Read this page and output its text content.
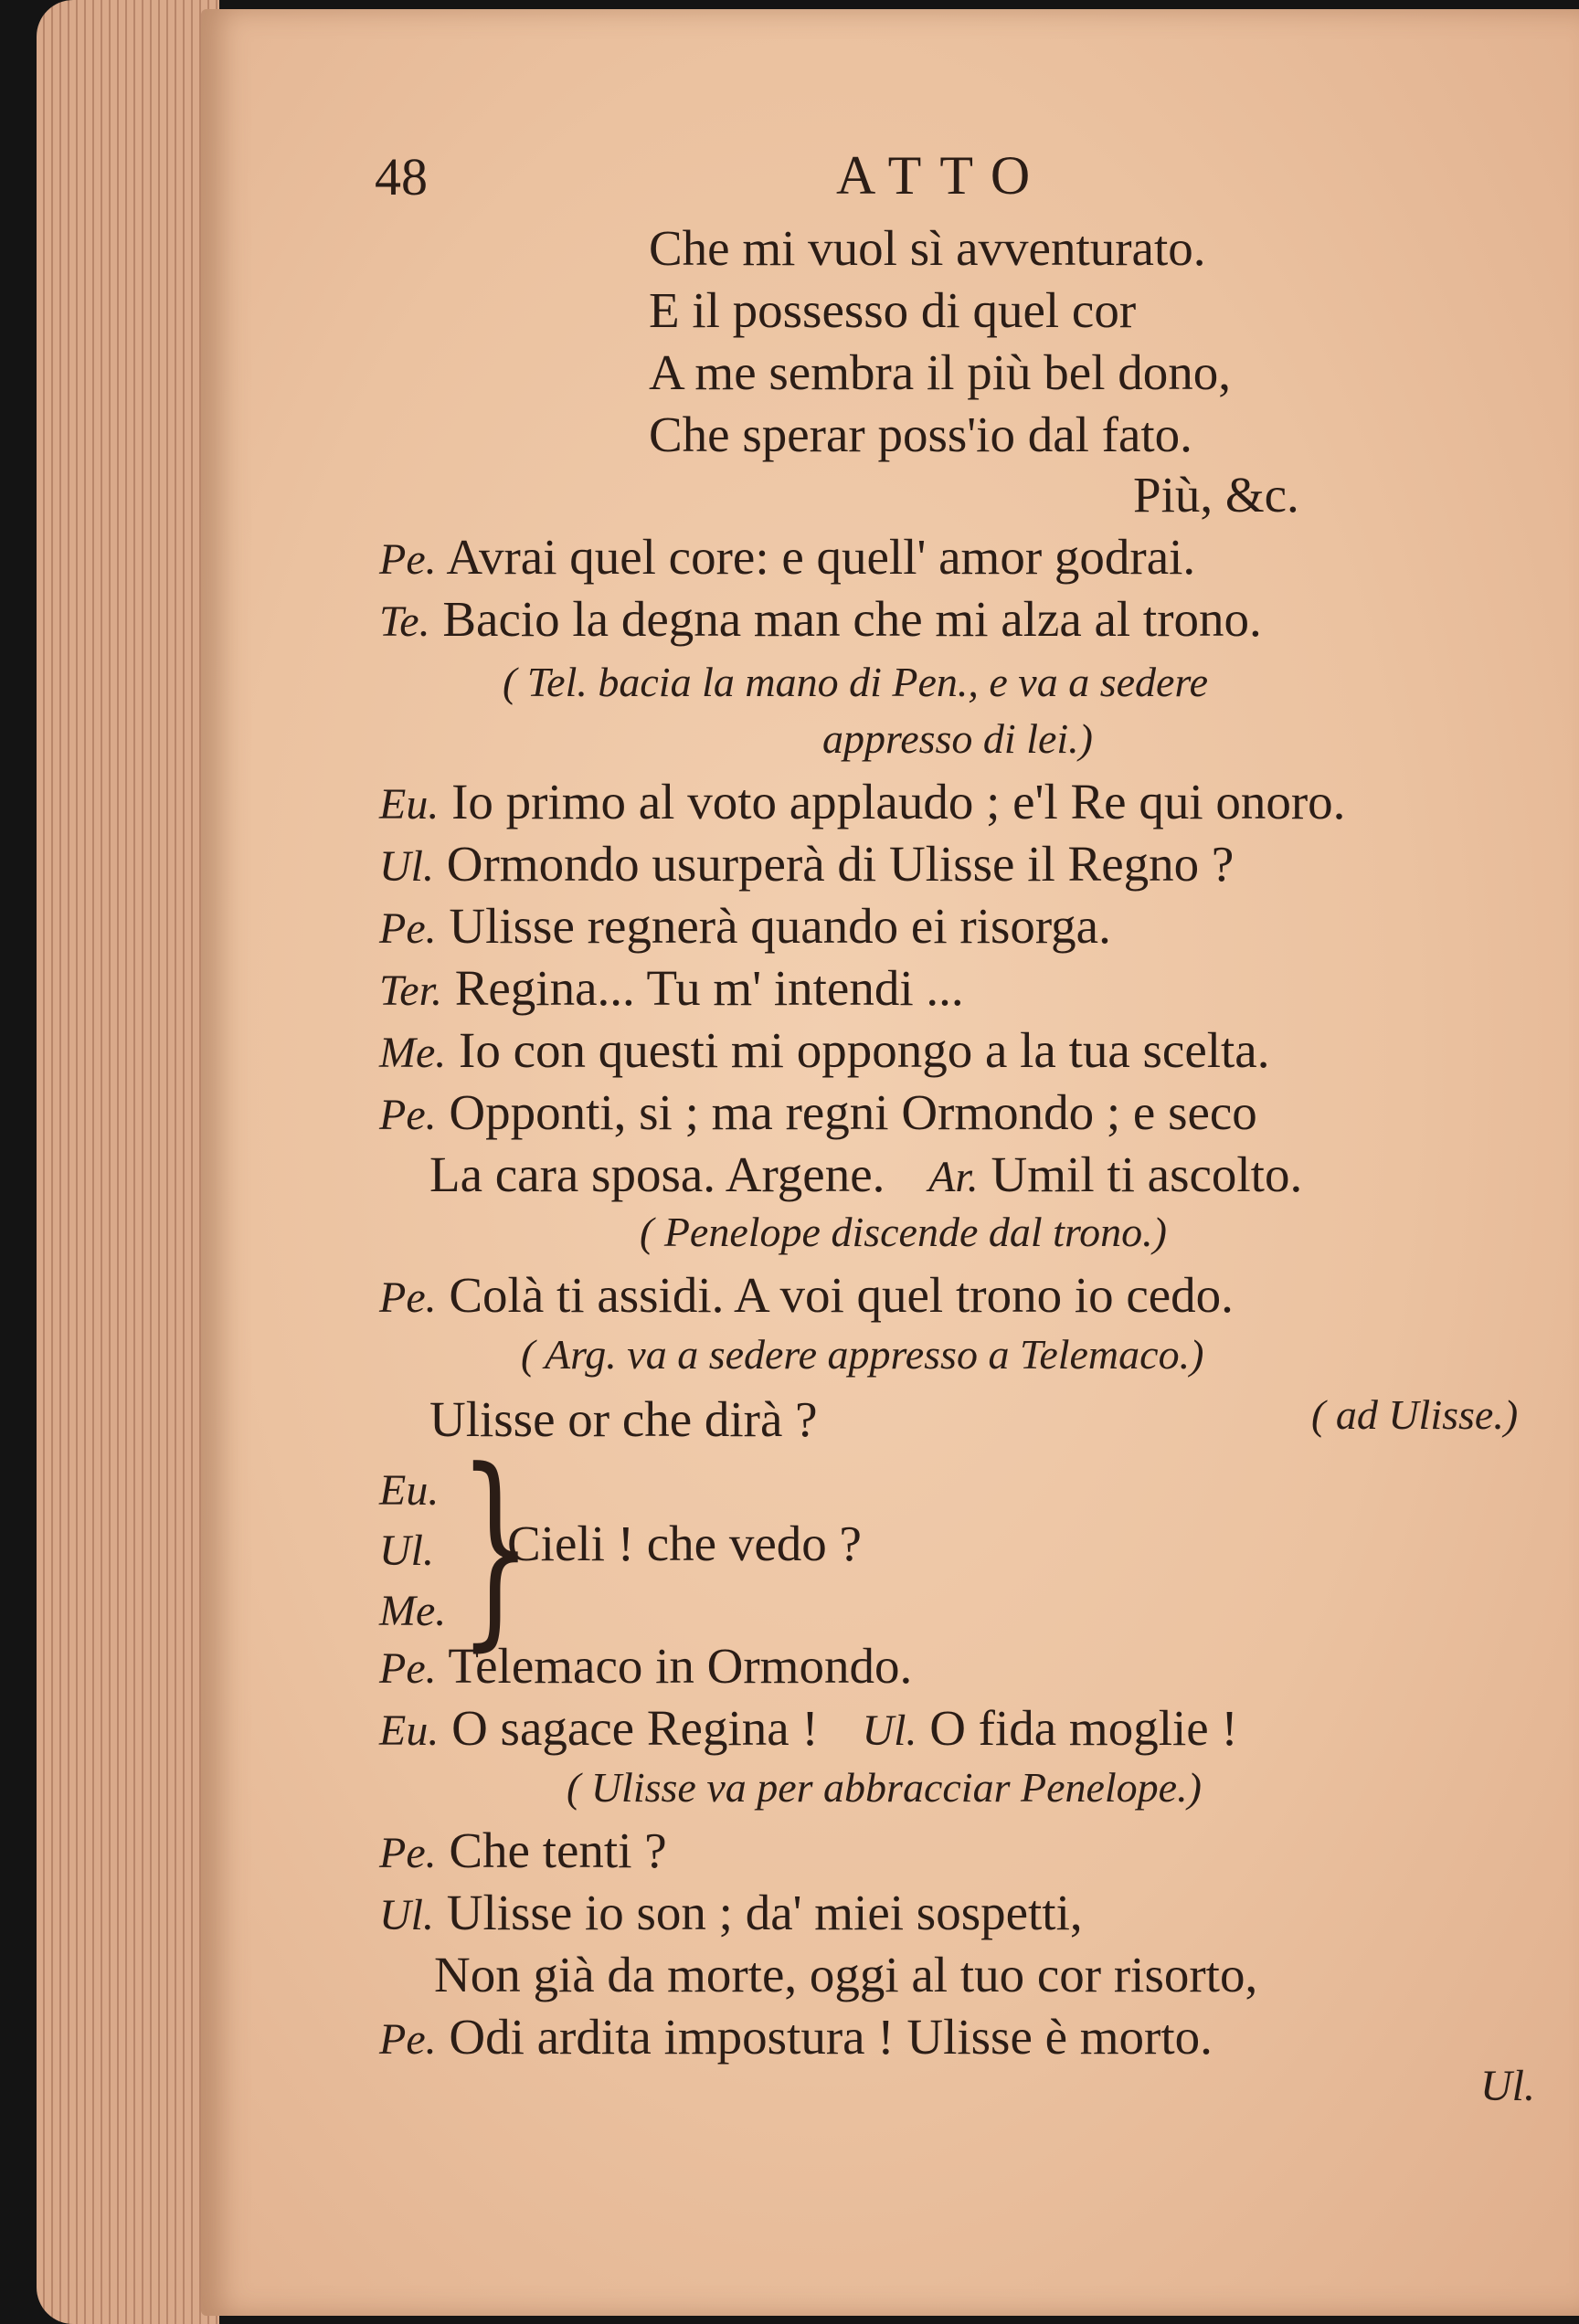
48	ATTO
Che mi vuol sì avventurato.
E il possesso di quel cor
A me sembra il più bel dono,
Che sperar poss'io dal fato.
Più, &c.
Pe. Avrai quel core: e quell' amor godrai.
Te. Bacio la degna man che mi alza al trono.
( Tel. bacia la mano di Pen., e va a sedere
appresso di lei.)
Eu. Io primo al voto applaudo ; e'l Re qui onoro.
Ul. Ormondo usurperà di Ulisse il Regno ?
Pe. Ulisse regnerà quando ei risorga.
Ter. Regina... Tu m' intendi ...
Me. Io con questi mi oppongo a la tua scelta.
Pe. Opponti, si ; ma regni Ormondo ; e seco
La cara sposa. Argene. Ar. Umil ti ascolto.
( Penelope discende dal trono.)
Pe. Colà ti assidi. A voi quel trono io cedo.
( Arg. va a sedere appresso a Telemaco.)
Ulisse or che dirà ?	( ad Ulisse.)
Eu.
Ul.
Me. }
Cieli ! che vedo ?
Pe. Telemaco in Ormondo.
Eu. O sagace Regina ! Ul. O fida moglie !
( Ulisse va per abbracciar Penelope.)
Pe. Che tenti ?
Ul. Ulisse io son ; da' miei sospetti,
Non già da morte, oggi al tuo cor risorto,
Pe. Odi ardita impostura ! Ulisse è morto.
Ul.
